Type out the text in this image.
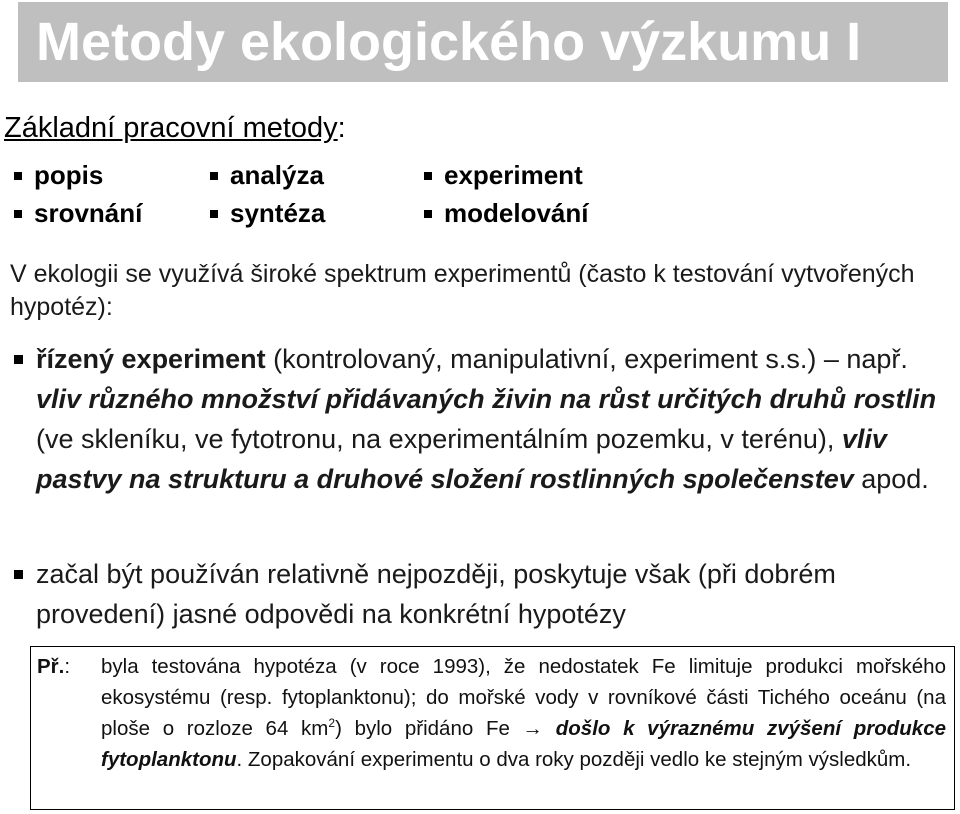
Metody ekologického výzkumu I
Základní pracovní metody:
popis	analýza	experiment
srovnání	syntéza	modelování
V ekologii se využívá široké spektrum experimentů (často k testování vytvořených hypotéz):
řízený experiment (kontrolovaný, manipulativní, experiment s.s.) – např. vliv různého množství přidávaných živin na růst určitých druhů rostlin (ve skleníku, ve fytotronu, na experimentálním pozemku, v terénu), vliv pastvy na strukturu a druhové složení rostlinných společenstev apod.
začal být používán relativně nejpozději, poskytuje však (při dobrém provedení) jasné odpovědi na konkrétní hypotézy
Př.: byla testována hypotéza (v roce 1993), že nedostatek Fe limituje produkci mořského ekosystému (resp. fytoplanktonu); do mořské vody v rovníkové části Tichého oceánu (na ploše o rozloze 64 $km^2$) bylo přidáno Fe → došlo k výraznému zvýšení produkce fytoplanktonu. Zopakování experimentu o dva roky později vedlo ke stejným výsledkům.
